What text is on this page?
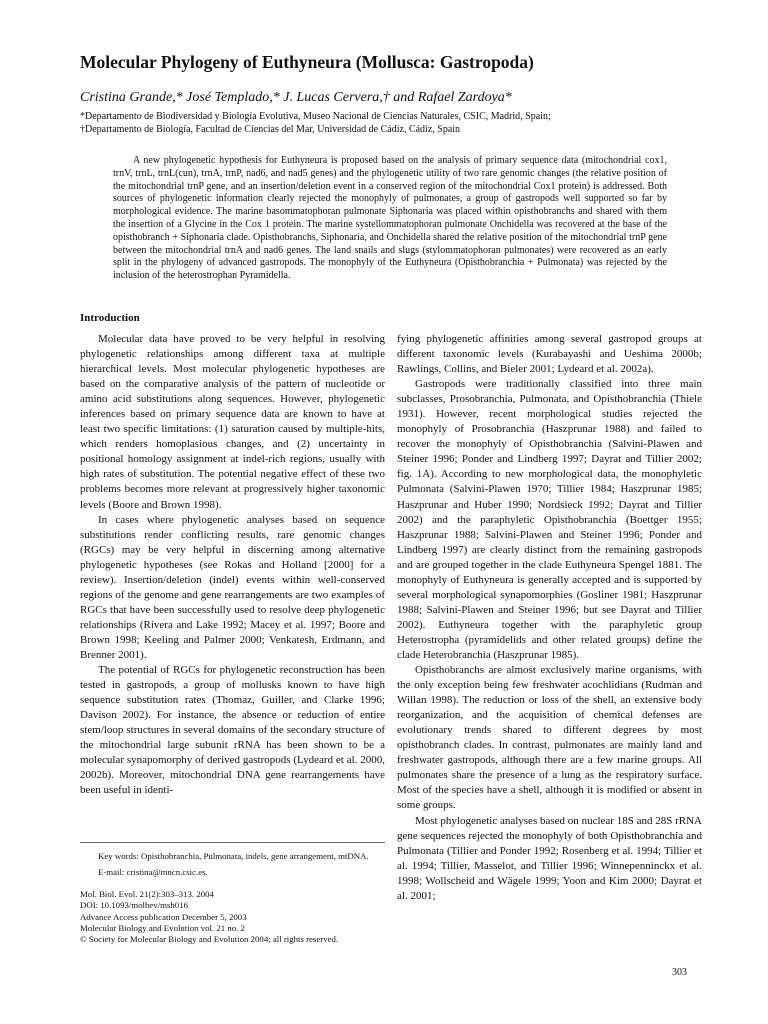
Molecular Phylogeny of Euthyneura (Mollusca: Gastropoda)
Cristina Grande,* José Templado,* J. Lucas Cervera,† and Rafael Zardoya*
*Departamento de Biodiversidad y Biología Evolutiva, Museo Nacional de Ciencias Naturales, CSIC, Madrid, Spain;
†Departamento de Biología, Facultad de Ciencias del Mar, Universidad de Cádiz, Cádiz, Spain

A new phylogenetic hypothesis for Euthyneura is proposed based on the analysis of primary sequence data (mitochondrial cox1, trnV, trnL, trnL(cun), trnA, trnP, nad6, and nad5 genes) and the phylogenetic utility of two rare genomic changes (the relative position of the mitochondrial trnP gene, and an insertion/deletion event in a conserved region of the mitochondrial Cox1 protein) is addressed. Both sources of phylogenetic information clearly rejected the monophyly of pulmonates, a group of gastropods well supported so far by morphological evidence. The marine basommatophoran pulmonate Siphonaria was placed within opisthobranchs and shared with them the insertion of a Glycine in the Cox 1 protein. The marine systellommatophoran pulmonate Onchidella was recovered at the base of the opisthobranch + Siphonaria clade. Opisthobranchs, Siphonaria, and Onchidella shared the relative position of the mitochondrial trnP gene between the mitochondrial trnA and nad6 genes. The land snails and slugs (stylommatophoran pulmonates) were recovered as an early split in the phylogeny of advanced gastropods. The monophyly of the Euthyneura (Opisthobranchia + Pulmonata) was rejected by the inclusion of the heterostrophan Pyramidella.

Introduction

Molecular data have proved to be very helpful in resolving phylogenetic relationships among different taxa at multiple hierarchical levels. Most molecular phylogenetic hypotheses are based on the comparative analysis of the pattern of nucleotide or amino acid substitutions along sequences. However, phylogenetic inferences based on primary sequence data are known to have at least two specific limitations: (1) saturation caused by multiple-hits, which renders homoplasious changes, and (2) uncertainty in positional homology assignment at indel-rich regions, usually with high rates of substitution. The potential negative effect of these two problems becomes more relevant at progressively higher taxonomic levels (Boore and Brown 1998).

In cases where phylogenetic analyses based on sequence substitutions render conflicting results, rare genomic changes (RGCs) may be very helpful in discerning among alternative phylogenetic hypotheses (see Rokas and Holland [2000] for a review). Insertion/deletion (indel) events within well-conserved regions of the genome and gene rearrangements are two examples of RGCs that have been successfully used to resolve deep phylogenetic relationships (Rivera and Lake 1992; Macey et al. 1997; Boore and Brown 1998; Keeling and Palmer 2000; Venkatesh, Erdmann, and Brenner 2001).

The potential of RGCs for phylogenetic reconstruction has been tested in gastropods, a group of mollusks known to have high sequence substitution rates (Thomaz, Guiller, and Clarke 1996; Davison 2002). For instance, the absence or reduction of entire stem/loop structures in several domains of the secondary structure of the mitochondrial large subunit rRNA has been shown to be a molecular synapomorphy of derived gastropods (Lydeard et al. 2000, 2002b). Moreover, mitochondrial DNA gene rearrangements have been useful in identi-

fying phylogenetic affinities among several gastropod groups at different taxonomic levels (Kurabayashi and Ueshima 2000b; Rawlings, Collins, and Bieler 2001; Lydeard et al. 2002a).

Gastropods were traditionally classified into three main subclasses, Prosobranchia, Pulmonata, and Opisthobranchia (Thiele 1931). However, recent morphological studies rejected the monophyly of Prosobranchia (Haszprunar 1988) and failed to recover the monophyly of Opisthobranchia (Salvini-Plawen and Steiner 1996; Ponder and Lindberg 1997; Dayrat and Tillier 2002; fig. 1A). According to new morphological data, the monophyletic Pulmonata (Salvini-Plawen 1970; Tillier 1984; Haszprunar 1985; Haszprunar and Huber 1990; Nordsieck 1992; Dayrat and Tillier 2002) and the paraphyletic Opisthobranchia (Boettger 1955; Haszprunar 1988; Salvini-Plawen and Steiner 1996; Ponder and Lindberg 1997) are clearly distinct from the remaining gastropods and are grouped together in the clade Euthyneura Spengel 1881. The monophyly of Euthyneura is generally accepted and is supported by several morphological synapomorphies (Gosliner 1981; Haszprunar 1988; Salvini-Plawen and Steiner 1996; but see Dayrat and Tillier 2002). Euthyneura together with the paraphyletic group Heterostropha (pyramidelids and other related groups) define the clade Heterobranchia (Haszprunar 1985).

Opisthobranchs are almost exclusively marine organisms, with the only exception being few freshwater acochlidians (Rudman and Willan 1998). The reduction or loss of the shell, an extensive body reorganization, and the acquisition of chemical defenses are evolutionary trends shared to different degrees by most opisthobranch clades. In contrast, pulmonates are mainly land and freshwater gastropods, although there are a few marine groups. All pulmonates share the presence of a lung as the respiratory surface. Most of the species have a shell, although it is modified or absent in some groups.

Most phylogenetic analyses based on nuclear 18S and 28S rRNA gene sequences rejected the monophyly of both Opisthobranchia and Pulmonata (Tillier and Ponder 1992; Rosenberg et al. 1994; Tillier et al. 1994; Tillier, Masselot, and Tillier 1996; Winnepenninckx et al. 1998; Wollscheid and Wägele 1999; Yoon and Kim 2000; Dayrat et al. 2001;

Key words: Opisthobranchia, Pulmonata, indels, gene arrangement, mtDNA.

E-mail: cristina@mncn.csic.es.

Mol. Biol. Evol. 21(2):303–313. 2004
DOI: 10.1093/molbev/msh016
Advance Access publication December 5, 2003
Molecular Biology and Evolution vol. 21 no. 2
© Society for Molecular Biology and Evolution 2004; all rights reserved.
303
